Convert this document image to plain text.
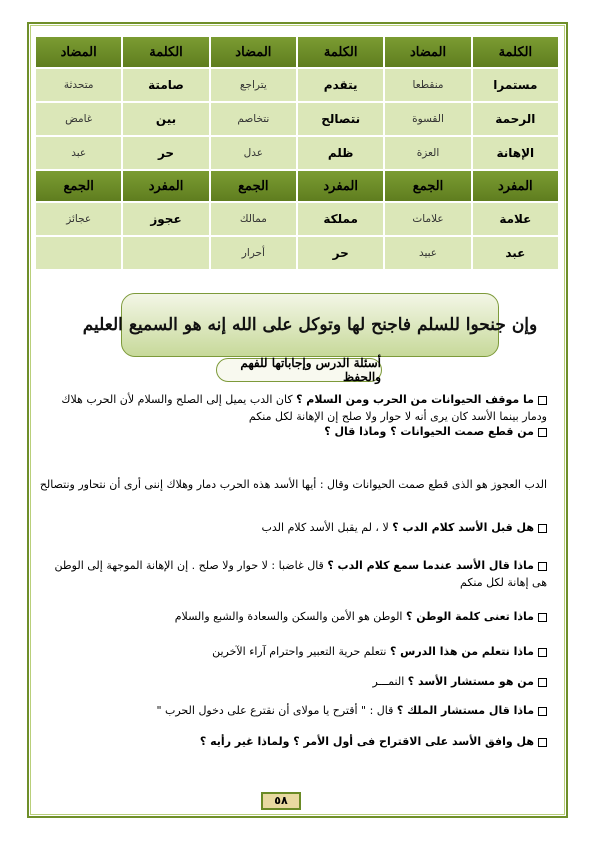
الكلمة	المضاد	الكلمة	المضاد	الكلمة	المضاد
مستمرا	منقطعا	يتقدم	يتراجع	صامتة	متحدثة
الرحمة	القسوة	نتصالح	نتخاصم	بين	غامض
الإهانة	العزة	ظلم	عدل	حر	عبد
المفرد	الجمع	المفرد	الجمع	المفرد	الجمع
علامة	علامات	مملكة	ممالك	عجوز	عجائز
عبد	عبيد	حر	أحرار		
وإن جنحوا للسلم فاجنح لها وتوكل على الله إنه هو السميع العليم
أسئلة الدرس وإجاباتها للفهم والحفظ
ما موقف الحيوانات من الحرب ومن السلام ؟ كان الدب يميل إلى الصلح والسلام لأن الحرب هلاك ودمار بينما الأسد كان يرى أنه لا حوار ولا صلح إن الإهانة لكل منكم
من قطع صمت الحيوانات ؟ وماذا قال ؟
الدب العجوز هو الذى قطع صمت الحيوانات وقال : أيها الأسد هذه الحرب دمار وهلاك إننى أرى أن نتحاور ونتصالح
هل قبل الأسد كلام الدب ؟ لا ، لم يقبل الأسد كلام الدب
ماذا قال الأسد عندما سمع كلام الدب ؟ قال غاضبا : لا حوار ولا صلح . إن الإهانة الموجهة إلى الوطن هى إهانة لكل منكم
ماذا تعنى كلمة الوطن ؟ الوطن هو الأمن والسكن والسعادة والشبع والسلام
ماذا نتعلم من هذا الدرس ؟ نتعلم حرية التعبير واحترام آراء الآخرين
من هو مستشار الأسد ؟ النمـــر
ماذا قال مستشار الملك ؟ قال : " أقترح يا مولاى أن نقترع على دخول الحرب "
هل وافق الأسد على الاقتراح فى أول الأمر ؟ ولماذا غير رأيه ؟
٥٨
